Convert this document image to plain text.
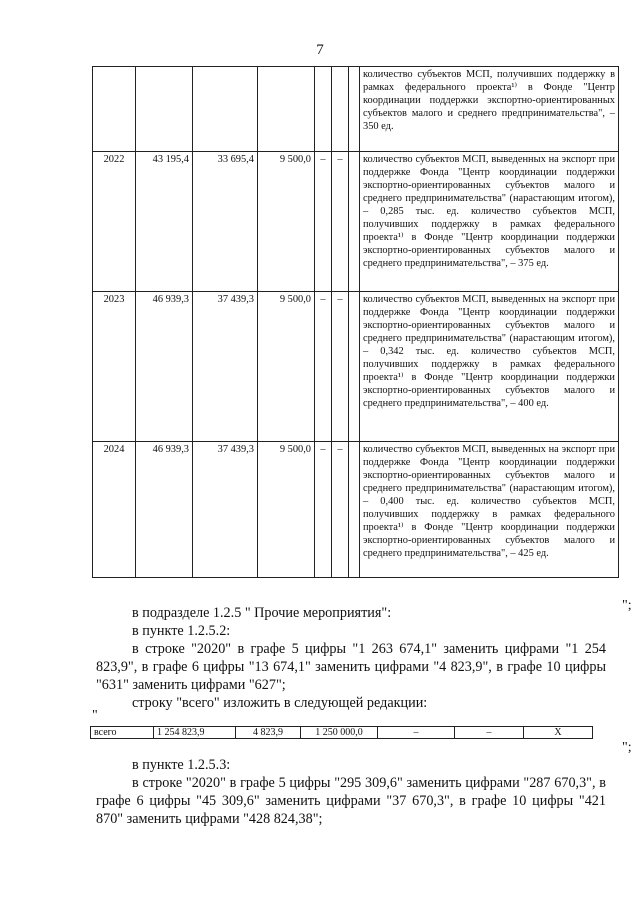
7
							количество субъектов МСП, получивших поддержку в рамках федерального проекта¹⁾ в Фонде "Центр координации поддержки экспортно-ориентированных субъектов малого и среднего предпринимательства", – 350 ед.
2022	43 195,4	33 695,4	9 500,0	–	–		количество субъектов МСП, выведенных на экспорт при поддержке Фонда "Центр координации поддержки экспортно-ориентированных субъектов малого и среднего предпринимательства" (нарастающим итогом), – 0,285 тыс. ед. количество субъектов МСП, получивших поддержку в рамках федерального проекта¹⁾ в Фонде "Центр координации поддержки экспортно-ориентированных субъектов малого и среднего предпринимательства", – 375 ед.
2023	46 939,3	37 439,3	9 500,0	–	–		количество субъектов МСП, выведенных на экспорт при поддержке Фонда "Центр координации поддержки экспортно-ориентированных субъектов малого и среднего предпринимательства" (нарастающим итогом), – 0,342 тыс. ед. количество субъектов МСП, получивших поддержку в рамках федерального проекта¹⁾ в Фонде "Центр координации поддержки экспортно-ориентированных субъектов малого и среднего предпринимательства", – 400 ед.
2024	46 939,3	37 439,3	9 500,0	–	–		количество субъектов МСП, выведенных на экспорт при поддержке Фонда "Центр координации поддержки экспортно-ориентированных субъектов малого и среднего предпринимательства" (нарастающим итогом), – 0,400 тыс. ед. количество субъектов МСП, получивших поддержку в рамках федерального проекта¹⁾ в Фонде "Центр координации поддержки экспортно-ориентированных субъектов малого и среднего предпринимательства", – 425 ед.
";

в подразделе 1.2.5 " Прочие мероприятия":

в пункте 1.2.5.2:

в строке "2020" в графе 5 цифры "1 263 674,1" заменить цифрами "1 254 823,9", в графе 6 цифры "13 674,1" заменить цифрами "4 823,9", в графе 10 цифры "631" заменить цифрами "627";

строку "всего" изложить в следующей редакции:

"
всего	1 254 823,9	4 823,9	1 250 000,0	–	–	X
";

в пункте 1.2.5.3:

в строке "2020" в графе 5 цифры "295 309,6" заменить цифрами "287 670,3", в графе 6 цифры "45 309,6" заменить цифрами "37 670,3", в графе 10 цифры "421 870" заменить цифрами "428 824,38";
